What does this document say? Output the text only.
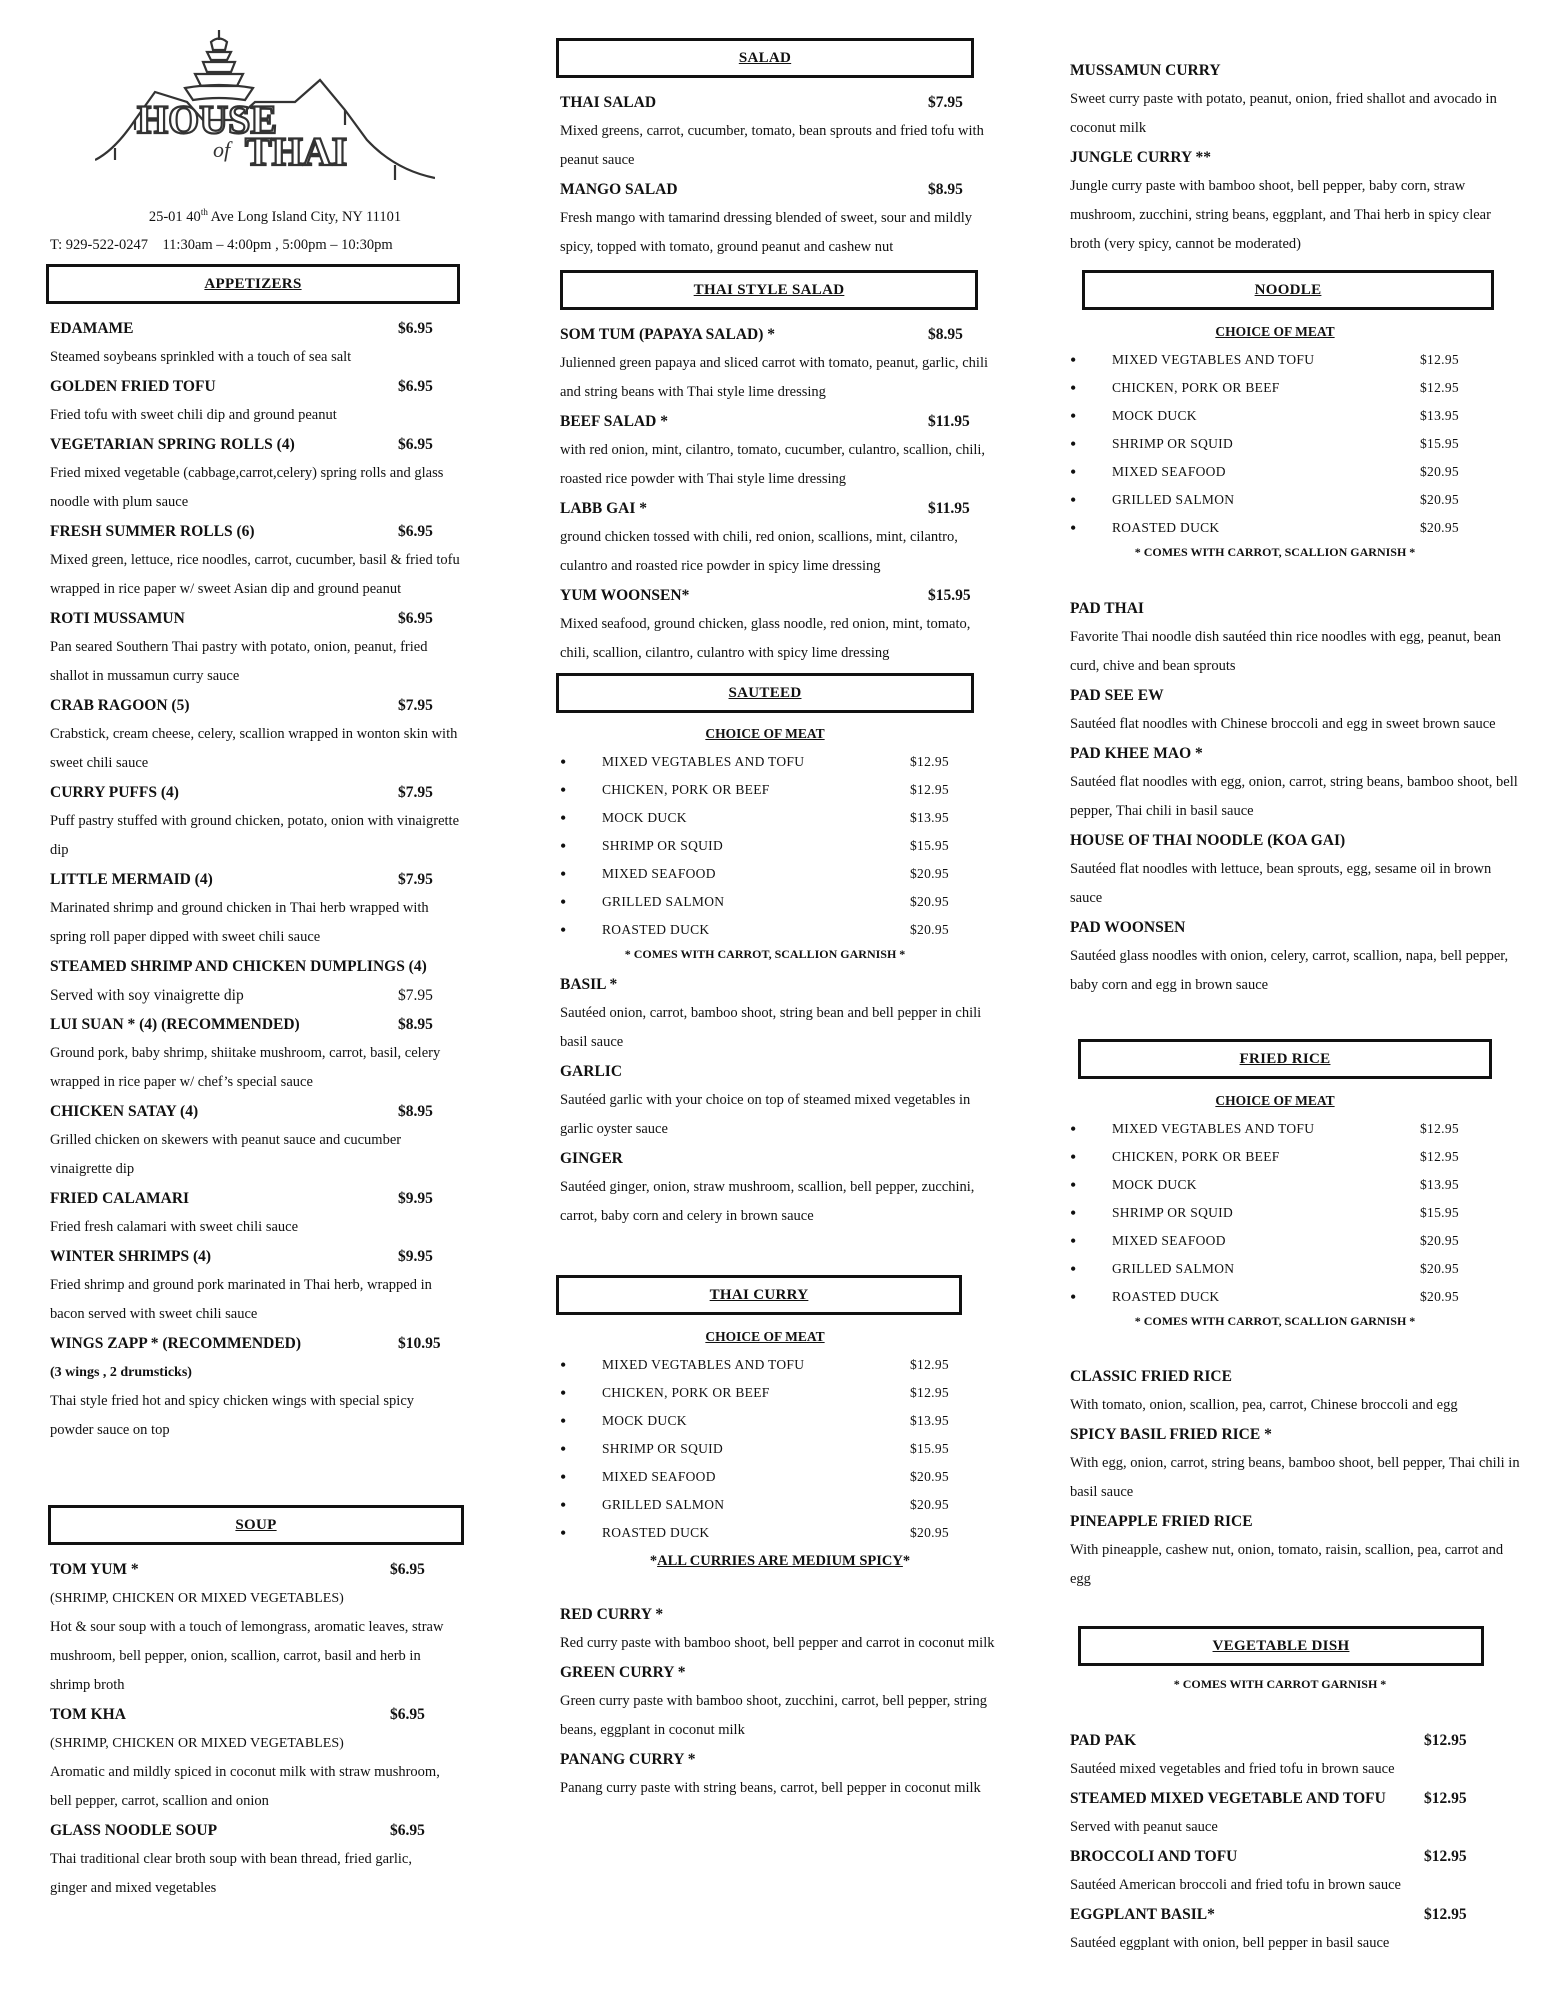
HOUSE
of THAI
25-01 40th Ave Long Island City, NY 11101
T: 929-522-0247 11:30am – 4:00pm , 5:00pm – 10:30pm
APPETIZERS
EDAMAME	$6.95
Steamed soybeans sprinkled with a touch of sea salt
GOLDEN FRIED TOFU	$6.95
Fried tofu with sweet chili dip and ground peanut
VEGETARIAN SPRING ROLLS (4)	$6.95
Fried mixed vegetable (cabbage,carrot,celery) spring rolls and glass noodle with plum sauce
FRESH SUMMER ROLLS (6)	$6.95
Mixed green, lettuce, rice noodles, carrot, cucumber, basil & fried tofu wrapped in rice paper w/ sweet Asian dip and ground peanut
ROTI MUSSAMUN	$6.95
Pan seared Southern Thai pastry with potato, onion, peanut, fried shallot in mussamun curry sauce
CRAB RAGOON (5)	$7.95
Crabstick, cream cheese, celery, scallion wrapped in wonton skin with sweet chili sauce
CURRY PUFFS (4)	$7.95
Puff pastry stuffed with ground chicken, potato, onion with vinaigrette dip
LITTLE MERMAID (4)	$7.95
Marinated shrimp and ground chicken in Thai herb wrapped with spring roll paper dipped with sweet chili sauce
STEAMED SHRIMP AND CHICKEN DUMPLINGS (4)
Served with soy vinaigrette dip	$7.95
LUI SUAN * (4) (RECOMMENDED)	$8.95
Ground pork, baby shrimp, shiitake mushroom, carrot, basil, celery wrapped in rice paper w/ chef’s special sauce
CHICKEN SATAY (4)	$8.95
Grilled chicken on skewers with peanut sauce and cucumber vinaigrette dip
FRIED CALAMARI	$9.95
Fried fresh calamari with sweet chili sauce
WINTER SHRIMPS (4)	$9.95
Fried shrimp and ground pork marinated in Thai herb, wrapped in bacon served with sweet chili sauce
WINGS ZAPP * (RECOMMENDED)	$10.95
(3 wings , 2 drumsticks)
Thai style fried hot and spicy chicken wings with special spicy powder sauce on top
SOUP
TOM YUM *	$6.95
(SHRIMP, CHICKEN OR MIXED VEGETABLES)
Hot & sour soup with a touch of lemongrass, aromatic leaves, straw mushroom, bell pepper, onion, scallion, carrot, basil and herb in shrimp broth
TOM KHA	$6.95
(SHRIMP, CHICKEN OR MIXED VEGETABLES)
Aromatic and mildly spiced in coconut milk with straw mushroom, bell pepper, carrot, scallion and onion
GLASS NOODLE SOUP	$6.95
Thai traditional clear broth soup with bean thread, fried garlic, ginger and mixed vegetables
SALAD
THAI SALAD	$7.95
Mixed greens, carrot, cucumber, tomato, bean sprouts and fried tofu with peanut sauce
MANGO SALAD	$8.95
Fresh mango with tamarind dressing blended of sweet, sour and mildly spicy, topped with tomato, ground peanut and cashew nut
THAI STYLE SALAD
SOM TUM (PAPAYA SALAD) *	$8.95
Julienned green papaya and sliced carrot with tomato, peanut, garlic, chili and string beans with Thai style lime dressing
BEEF SALAD *	$11.95
with red onion, mint, cilantro, tomato, cucumber, culantro, scallion, chili, roasted rice powder with Thai style lime dressing
LABB GAI *	$11.95
ground chicken tossed with chili, red onion, scallions, mint, cilantro, culantro and roasted rice powder in spicy lime dressing
YUM WOONSEN*	$15.95
Mixed seafood, ground chicken, glass noodle, red onion, mint, tomato, chili, scallion, cilantro, culantro with spicy lime dressing
SAUTEED
CHOICE OF MEAT
•	MIXED VEGTABLES AND TOFU	$12.95
•	CHICKEN, PORK OR BEEF	$12.95
•	MOCK DUCK	$13.95
•	SHRIMP OR SQUID	$15.95
•	MIXED SEAFOOD	$20.95
•	GRILLED SALMON	$20.95
•	ROASTED DUCK	$20.95
* COMES WITH CARROT, SCALLION GARNISH *
BASIL *
Sautéed onion, carrot, bamboo shoot, string bean and bell pepper in chili basil sauce
GARLIC
Sautéed garlic with your choice on top of steamed mixed vegetables in garlic oyster sauce
GINGER
Sautéed ginger, onion, straw mushroom, scallion, bell pepper, zucchini, carrot, baby corn and celery in brown sauce
THAI CURRY
CHOICE OF MEAT
•	MIXED VEGTABLES AND TOFU	$12.95
•	CHICKEN, PORK OR BEEF	$12.95
•	MOCK DUCK	$13.95
•	SHRIMP OR SQUID	$15.95
•	MIXED SEAFOOD	$20.95
•	GRILLED SALMON	$20.95
•	ROASTED DUCK	$20.95
*ALL CURRIES ARE MEDIUM SPICY*
RED CURRY *
Red curry paste with bamboo shoot, bell pepper and carrot in coconut milk
GREEN CURRY *
Green curry paste with bamboo shoot, zucchini, carrot, bell pepper, string beans, eggplant in coconut milk
PANANG CURRY *
Panang curry paste with string beans, carrot, bell pepper in coconut milk
MUSSAMUN CURRY
Sweet curry paste with potato, peanut, onion, fried shallot and avocado in coconut milk
JUNGLE CURRY **
Jungle curry paste with bamboo shoot, bell pepper, baby corn, straw mushroom, zucchini, string beans, eggplant, and Thai herb in spicy clear broth (very spicy, cannot be moderated)
NOODLE
CHOICE OF MEAT
•	MIXED VEGTABLES AND TOFU	$12.95
•	CHICKEN, PORK OR BEEF	$12.95
•	MOCK DUCK	$13.95
•	SHRIMP OR SQUID	$15.95
•	MIXED SEAFOOD	$20.95
•	GRILLED SALMON	$20.95
•	ROASTED DUCK	$20.95
* COMES WITH CARROT, SCALLION GARNISH *
PAD THAI
Favorite Thai noodle dish sautéed thin rice noodles with egg, peanut, bean curd, chive and bean sprouts
PAD SEE EW
Sautéed flat noodles with Chinese broccoli and egg in sweet brown sauce
PAD KHEE MAO *
Sautéed flat noodles with egg, onion, carrot, string beans, bamboo shoot, bell pepper, Thai chili in basil sauce
HOUSE OF THAI NOODLE (KOA GAI)
Sautéed flat noodles with lettuce, bean sprouts, egg, sesame oil in brown sauce
PAD WOONSEN
Sautéed glass noodles with onion, celery, carrot, scallion, napa, bell pepper, baby corn and egg in brown sauce
FRIED RICE
CHOICE OF MEAT
•	MIXED VEGTABLES AND TOFU	$12.95
•	CHICKEN, PORK OR BEEF	$12.95
•	MOCK DUCK	$13.95
•	SHRIMP OR SQUID	$15.95
•	MIXED SEAFOOD	$20.95
•	GRILLED SALMON	$20.95
•	ROASTED DUCK	$20.95
* COMES WITH CARROT, SCALLION GARNISH *
CLASSIC FRIED RICE
With tomato, onion, scallion, pea, carrot, Chinese broccoli and egg
SPICY BASIL FRIED RICE *
With egg, onion, carrot, string beans, bamboo shoot, bell pepper, Thai chili in basil sauce
PINEAPPLE FRIED RICE
With pineapple, cashew nut, onion, tomato, raisin, scallion, pea, carrot and egg
VEGETABLE DISH
* COMES WITH CARROT GARNISH *
PAD PAK	$12.95
Sautéed mixed vegetables and fried tofu in brown sauce
STEAMED MIXED VEGETABLE AND TOFU $12.95
Served with peanut sauce
BROCCOLI AND TOFU	$12.95
Sautéed American broccoli and fried tofu in brown sauce
EGGPLANT BASIL*	$12.95
Sautéed eggplant with onion, bell pepper in basil sauce
